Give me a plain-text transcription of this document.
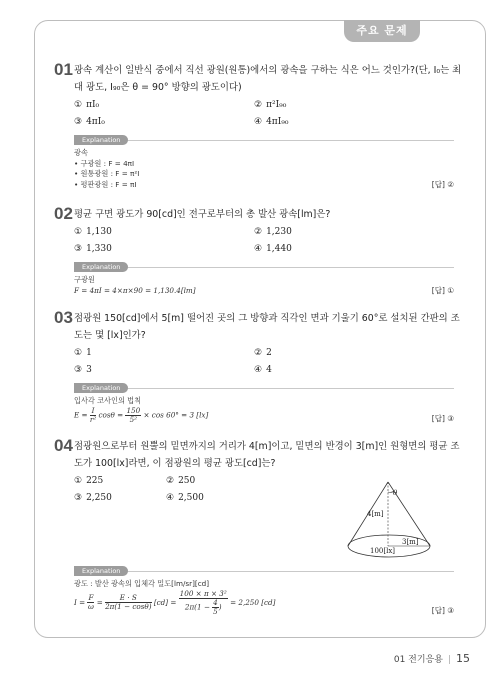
주요 문제
01 광속 계산이 일반식 중에서 직선 광원(원통)에서의 광속을 구하는 식은 어느 것인가?(단, I₀는 최대 광도, I₉₀은 θ = 90° 방향의 광도이다)
① πI₀	② π²I₉₀
③ 4πI₀	④ 4πI₉₀
Explanation
광속
• 구광원 : F = 4πI
• 원통광원 : F = π²I
• 평판광원 : F = πI	[답] ②
02 평균 구면 광도가 90[cd]인 전구로부터의 총 발산 광속[lm]은?
① 1,130	② 1,230
③ 1,330	④ 1,440
Explanation
구광원
F = 4πI = 4×π×90 = 1,130.4[lm]	[답] ①
03 점광원 150[cd]에서 5[m] 떨어진 곳의 그 방향과 직각인 면과 기울기 60°로 설치된 간판의 조도는 몇 [lx]인가?
① 1	② 2
③ 3	④ 4
Explanation
입사각 코사인의 법칙
$E = \frac{I}{\text{r²}}$ $\cos\theta = \frac{150}{\text{5²}} \times \cos 60^\circ = 3$ [lx]	[답] ③
04 점광원으로부터 원뿔의 밑면까지의 거리가 4[m]이고, 밑면의 반경이 3[m]인 원형면의 평균 조도가 100[lx]라면, 이 점광원의 평균 광도[cd]는?
① 225	② 250
③ 2,250	④ 2,500	θ
4[m]
3[m]
100[lx]
Explanation
광도 : 발산 광속의 입체각 밀도[lm/sr][cd]
$I = \frac{F}{\omega} = \frac{E \cdot S}{2\pi(1 - \cos\theta)} [cd] = \frac{\text{100 × π × 3²}}{2\pi(1 - \frac{4}{5} )} = 2,250$ [cd]
[답] ③
01 전기응용 | 15
